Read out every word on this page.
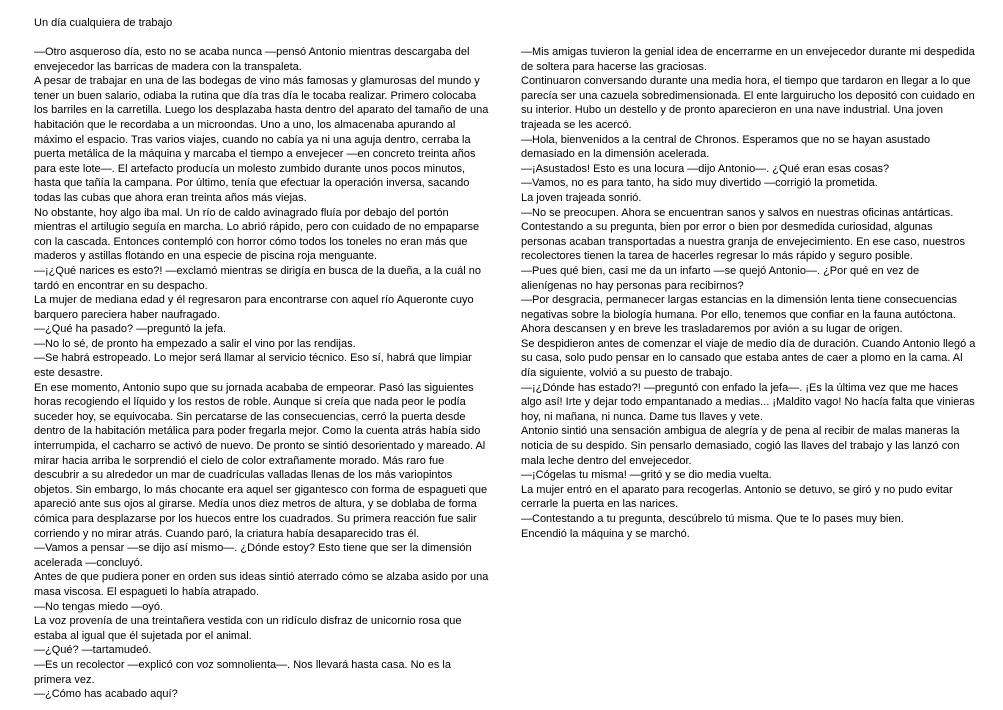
Un día cualquiera de trabajo

—Otro asqueroso día, esto no se acaba nunca —pensó Antonio mientras descargaba del envejecedor las barricas de madera con la transpaleta.

A pesar de trabajar en una de las bodegas de vino más famosas y glamurosas del mundo y tener un buen salario, odiaba la rutina que día tras día le tocaba realizar. Primero colocaba los barriles en la carretilla. Luego los desplazaba hasta dentro del aparato del tamaño de una habitación que le recordaba a un microondas. Uno a uno, los almacenaba apurando al máximo el espacio. Tras varios viajes, cuando no cabía ya ni una aguja dentro, cerraba la puerta metálica de la máquina y marcaba el tiempo a envejecer —en concreto treinta años para este lote—. El artefacto producía un molesto zumbido durante unos pocos minutos, hasta que tañía la campana. Por último, tenía que efectuar la operación inversa, sacando todas las cubas que ahora eran treinta años más viejas.

No obstante, hoy algo iba mal. Un río de caldo avinagrado fluía por debajo del portón mientras el artilugio seguía en marcha. Lo abrió rápido, pero con cuidado de no empaparse con la cascada. Entonces contempló con horror cómo todos los toneles no eran más que maderos y astillas flotando en una especie de piscina roja menguante.

—¡¿Qué narices es esto?! —exclamó mientras se dirigía en busca de la dueña, a la cuál no tardó en encontrar en su despacho.

La mujer de mediana edad y él regresaron para encontrarse con aquel río Aqueronte cuyo barquero pareciera haber naufragado.

—¿Qué ha pasado? —preguntó la jefa.

—No lo sé, de pronto ha empezado a salir el vino por las rendijas.

—Se habrá estropeado. Lo mejor será llamar al servicio técnico. Eso sí, habrá que limpiar este desastre.

En ese momento, Antonio supo que su jornada acababa de empeorar. Pasó las siguientes horas recogiendo el líquido y los restos de roble. Aunque si creía que nada peor le podía suceder hoy, se equivocaba. Sin percatarse de las consecuencias, cerró la puerta desde dentro de la habitación metálica para poder fregarla mejor. Como la cuenta atrás había sido interrumpida, el cacharro se activó de nuevo. De pronto se sintió desorientado y mareado. Al mirar hacia arriba le sorprendió el cielo de color extrañamente morado. Más raro fue descubrir a su alrededor un mar de cuadrículas valladas llenas de los más variopintos objetos. Sin embargo, lo más chocante era aquel ser gigantesco con forma de espagueti que apareció ante sus ojos al girarse. Medía unos diez metros de altura, y se doblaba de forma cómica para desplazarse por los huecos entre los cuadrados. Su primera reacción fue salir corriendo y no mirar atrás. Cuando paró, la criatura había desaparecido tras él.

—Vamos a pensar —se dijo así mismo—. ¿Dónde estoy? Esto tiene que ser la dimensión acelerada —concluyó.

Antes de que pudiera poner en orden sus ideas sintió aterrado cómo se alzaba asido por una masa viscosa. El espagueti lo había atrapado.

—No tengas miedo —oyó.

La voz provenía de una treintañera vestida con un ridículo disfraz de unicornio rosa que estaba al igual que él sujetada por el animal.

—¿Qué? —tartamudeó.

—Es un recolector —explicó con voz somnolienta—. Nos llevará hasta casa. No es la primera vez.

—¿Cómo has acabado aquí?

—Mis amigas tuvieron la genial idea de encerrarme en un envejecedor durante mi despedida de soltera para hacerse las graciosas.

Continuaron conversando durante una media hora, el tiempo que tardaron en llegar a lo que parecía ser una cazuela sobredimensionada. El ente larguirucho los depositó con cuidado en su interior. Hubo un destello y de pronto aparecieron en una nave industrial. Una joven trajeada se les acercó.

—Hola, bienvenidos a la central de Chronos. Esperamos que no se hayan asustado demasiado en la dimensión acelerada.

—¡Asustados! Esto es una locura —dijo Antonio—. ¿Qué eran esas cosas?

—Vamos, no es para tanto, ha sido muy divertido —corrigió la prometida.

La joven trajeada sonrió.

—No se preocupen. Ahora se encuentran sanos y salvos en nuestras oficinas antárticas. Contestando a su pregunta, bien por error o bien por desmedida curiosidad, algunas personas acaban transportadas a nuestra granja de envejecimiento. En ese caso, nuestros recolectores tienen la tarea de hacerles regresar lo más rápido y seguro posible.

—Pues qué bien, casi me da un infarto —se quejó Antonio—. ¿Por qué en vez de alienígenas no hay personas para recibirnos?

—Por desgracia, permanecer largas estancias en la dimensión lenta tiene consecuencias negativas sobre la biología humana. Por ello, tenemos que confiar en la fauna autóctona. Ahora descansen y en breve les trasladaremos por avión a su lugar de origen.

Se despidieron antes de comenzar el viaje de medio día de duración. Cuando Antonio llegó a su casa, solo pudo pensar en lo cansado que estaba antes de caer a plomo en la cama. Al día siguiente, volvió a su puesto de trabajo.

—¡¿Dónde has estado?! —preguntó con enfado la jefa—. ¡Es la última vez que me haces algo así! Irte y dejar todo empantanado a medias... ¡Maldito vago! No hacía falta que vinieras hoy, ni mañana, ni nunca. Dame tus llaves y vete.

Antonio sintió una sensación ambigua de alegría y de pena al recibir de malas maneras la noticia de su despido. Sin pensarlo demasiado, cogió las llaves del trabajo y las lanzó con mala leche dentro del envejecedor.

—¡Cógelas tu misma! —gritó y se dio media vuelta.

La mujer entró en el aparato para recogerlas. Antonio se detuvo, se giró y no pudo evitar cerrarle la puerta en las narices.

—Contestando a tu pregunta, descúbrelo tú misma. Que te lo pases muy bien.

Encendió la máquina y se marchó.
